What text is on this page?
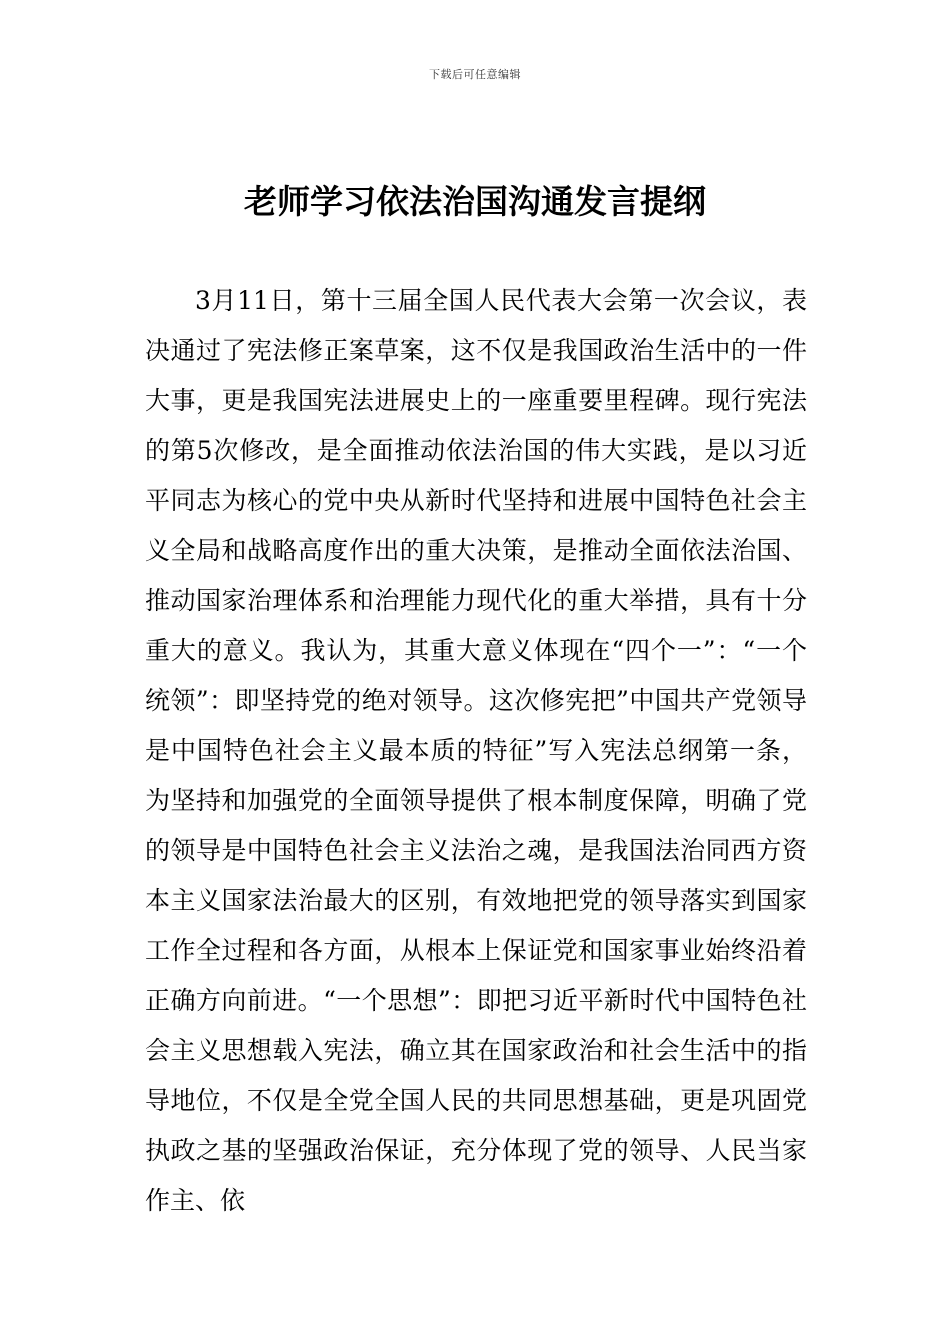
下载后可任意编辑
老师学习依法治国沟通发言提纲

3月11日，第十三届全国人民代表大会第一次会议，表决通过了宪法修正案草案，这不仅是我国政治生活中的一件大事，更是我国宪法进展史上的一座重要里程碑。现行宪法的第5次修改，是全面推动依法治国的伟大实践，是以习近平同志为核心的党中央从新时代坚持和进展中国特色社会主义全局和战略高度作出的重大决策，是推动全面依法治国、推动国家治理体系和治理能力现代化的重大举措，具有十分重大的意义。我认为，其重大意义体现在“四个一”：“一个统领”：即坚持党的绝对领导。这次修宪把”中国共产党领导是中国特色社会主义最本质的特征”写入宪法总纲第一条，为坚持和加强党的全面领导提供了根本制度保障，明确了党的领导是中国特色社会主义法治之魂，是我国法治同西方资本主义国家法治最大的区别，有效地把党的领导落实到国家工作全过程和各方面，从根本上保证党和国家事业始终沿着正确方向前进。“一个思想”：即把习近平新时代中国特色社会主义思想载入宪法，确立其在国家政治和社会生活中的指导地位，不仅是全党全国人民的共同思想基础，更是巩固党执政之基的坚强政治保证，充分体现了党的领导、人民当家作主、依
